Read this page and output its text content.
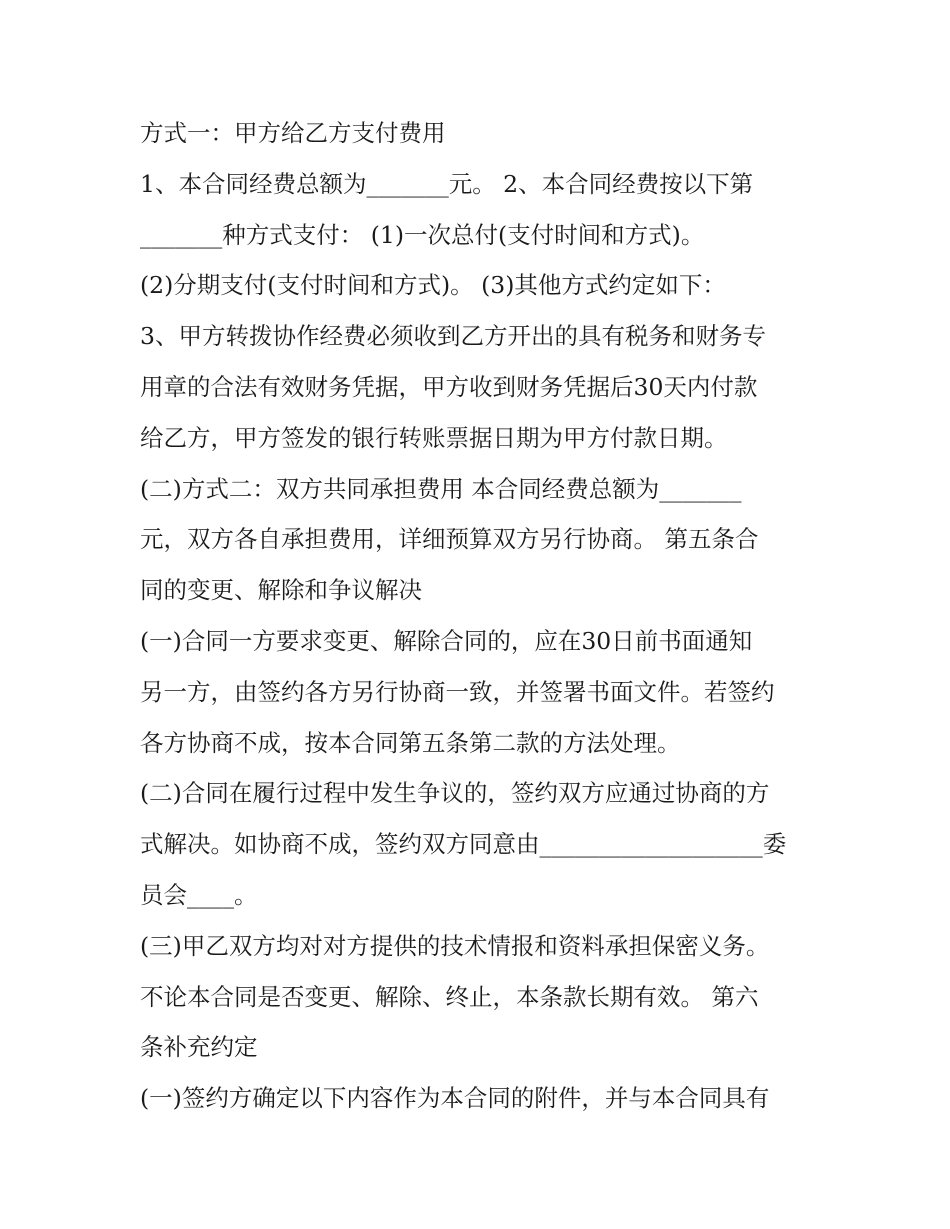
方式一：甲方给乙方支付费用
1、本合同经费总额为_______元。 2、本合同经费按以下第
_______种方式支付： (1)一次总付(支付时间和方式)。
(2)分期支付(支付时间和方式)。 (3)其他方式约定如下：
3、甲方转拨协作经费必须收到乙方开出的具有税务和财务专
用章的合法有效财务凭据，甲方收到财务凭据后30天内付款
给乙方，甲方签发的银行转账票据日期为甲方付款日期。
(二)方式二：双方共同承担费用 本合同经费总额为_______
元，双方各自承担费用，详细预算双方另行协商。 第五条合
同的变更、解除和争议解决
(一)合同一方要求变更、解除合同的，应在30日前书面通知
另一方，由签约各方另行协商一致，并签署书面文件。若签约
各方协商不成，按本合同第五条第二款的方法处理。
(二)合同在履行过程中发生争议的，签约双方应通过协商的方
式解决。如协商不成，签约双方同意由___________________委
员会____。
(三)甲乙双方均对对方提供的技术情报和资料承担保密义务。
不论本合同是否变更、解除、终止，本条款长期有效。 第六
条补充约定
(一)签约方确定以下内容作为本合同的附件，并与本合同具有
